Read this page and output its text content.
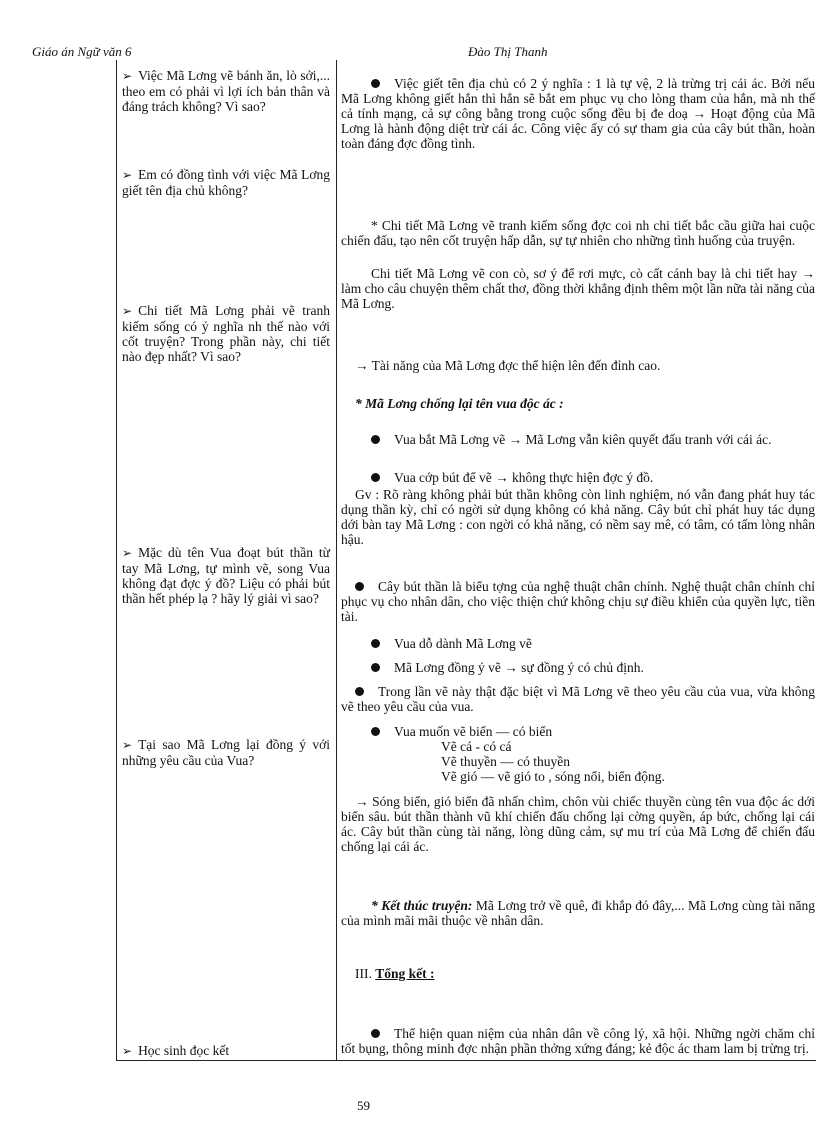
Giáo án Ngữ văn 6	Đào Thị Thanh
➢ Việc Mã Lơng vẽ bánh ăn, lò sởi,... theo em có phải vì lợi ích bản thân và đáng trách không? Vì sao?
➢ Em có đồng tình với việc Mã Lơng giết tên địa chủ không?
➢ Chi tiết Mã Lơng phải vẽ tranh kiếm sống có ý nghĩa nh thế nào với cốt truyện? Trong phần này, chi tiết nào đẹp nhất? Vì sao?
➢ Mặc dù tên Vua đoạt bút thần từ tay Mã Lơng, tự mình vẽ, song Vua không đạt đợc ý đồ? Liệu có phải bút thần hết phép lạ ? hãy lý giải vì sao?
➢ Tại sao Mã Lơng lại đồng ý với những yêu cầu của Vua?
➢ Học sinh đọc kết

Việc giết tên địa chủ có 2 ý nghĩa : 1 là tự vệ, 2 là trừng trị cái ác. Bởi nếu Mã Lơng không giết hắn thì hắn sẽ bắt em phục vụ cho lòng tham của hắn, mà nh thế cả tính mạng, cả sự công bằng trong cuộc sống đều bị đe doạ → Hoạt động của Mã Lơng là hành động diệt trừ cái ác. Công việc ấy có sự tham gia của cây bút thần, hoàn toàn đáng đợc đồng tình.

* Chi tiết Mã Lơng vẽ tranh kiếm sống đợc coi nh chi tiết bắc cầu giữa hai cuộc chiến đấu, tạo nên cốt truyện hấp dẫn, sự tự nhiên cho những tình huống của truyện.

Chi tiết Mã Lơng vẽ con cò, sơ ý để rơi mực, cò cất cánh bay là chi tiết hay → làm cho câu chuyện thêm chất thơ, đồng thời khẳng định thêm một lần nữa tài năng của Mã Lơng.

→ Tài năng của Mã Lơng đợc thể hiện lên đến đỉnh cao.

* Mã Lơng chống lại tên vua độc ác :

Vua bắt Mã Lơng vẽ → Mã Lơng vẫn kiên quyết đấu tranh với cái ác.

Vua cớp bút để vẽ → không thực hiện đợc ý đồ.

Gv : Rõ ràng không phải bút thần không còn linh nghiệm, nó vẫn đang phát huy tác dụng thần kỳ, chỉ có ngời sử dụng không có khả năng. Cây bút chỉ phát huy tác dụng dới bàn tay Mã Lơng : con ngời có khả năng, có nềm say mê, có tâm, có tấm lòng nhân hậu.

Cây bút thần là biểu tợng của nghệ thuật chân chính. Nghệ thuật chân chính chỉ phục vụ cho nhân dân, cho việc thiện chứ không chịu sự điều khiển của quyền lực, tiền tài.

Vua dỗ dành Mã Lơng vẽ

Mã Lơng đồng ý vẽ → sự đồng ý có chủ định.

Trong lần vẽ này thật đặc biệt vì Mã Lơng vẽ theo yêu cầu của vua, vừa không vẽ theo yêu cầu của vua.

Vua muốn vẽ biển — có biển

Vẽ cá - có cá

Vẽ thuyền — có thuyền

Vẽ gió — vẽ gió to , sóng nổi, biển động.

→ Sóng biển, gió biển đã nhấn chìm, chôn vùi chiếc thuyền cùng tên vua độc ác dới biển sâu. bút thần thành vũ khí chiến đấu chống lại cờng quyền, áp bức, chống lại cái ác. Cây bút thần cùng tài năng, lòng dũng cảm, sự mu trí của Mã Lơng để chiến đấu chống lại cái ác.

* Kết thúc truyện: Mã Lơng trở về quê, đi khắp đó đây,... Mã Lơng cùng tài năng của mình mãi mãi thuộc về nhân dân.

III. Tổng kết :

Thể hiện quan niệm của nhân dân về công lý, xã hội. Những ngời chăm chỉ tốt bụng, thông minh đợc nhận phần thởng xứng đáng; kẻ độc ác tham lam bị trừng trị.

59
